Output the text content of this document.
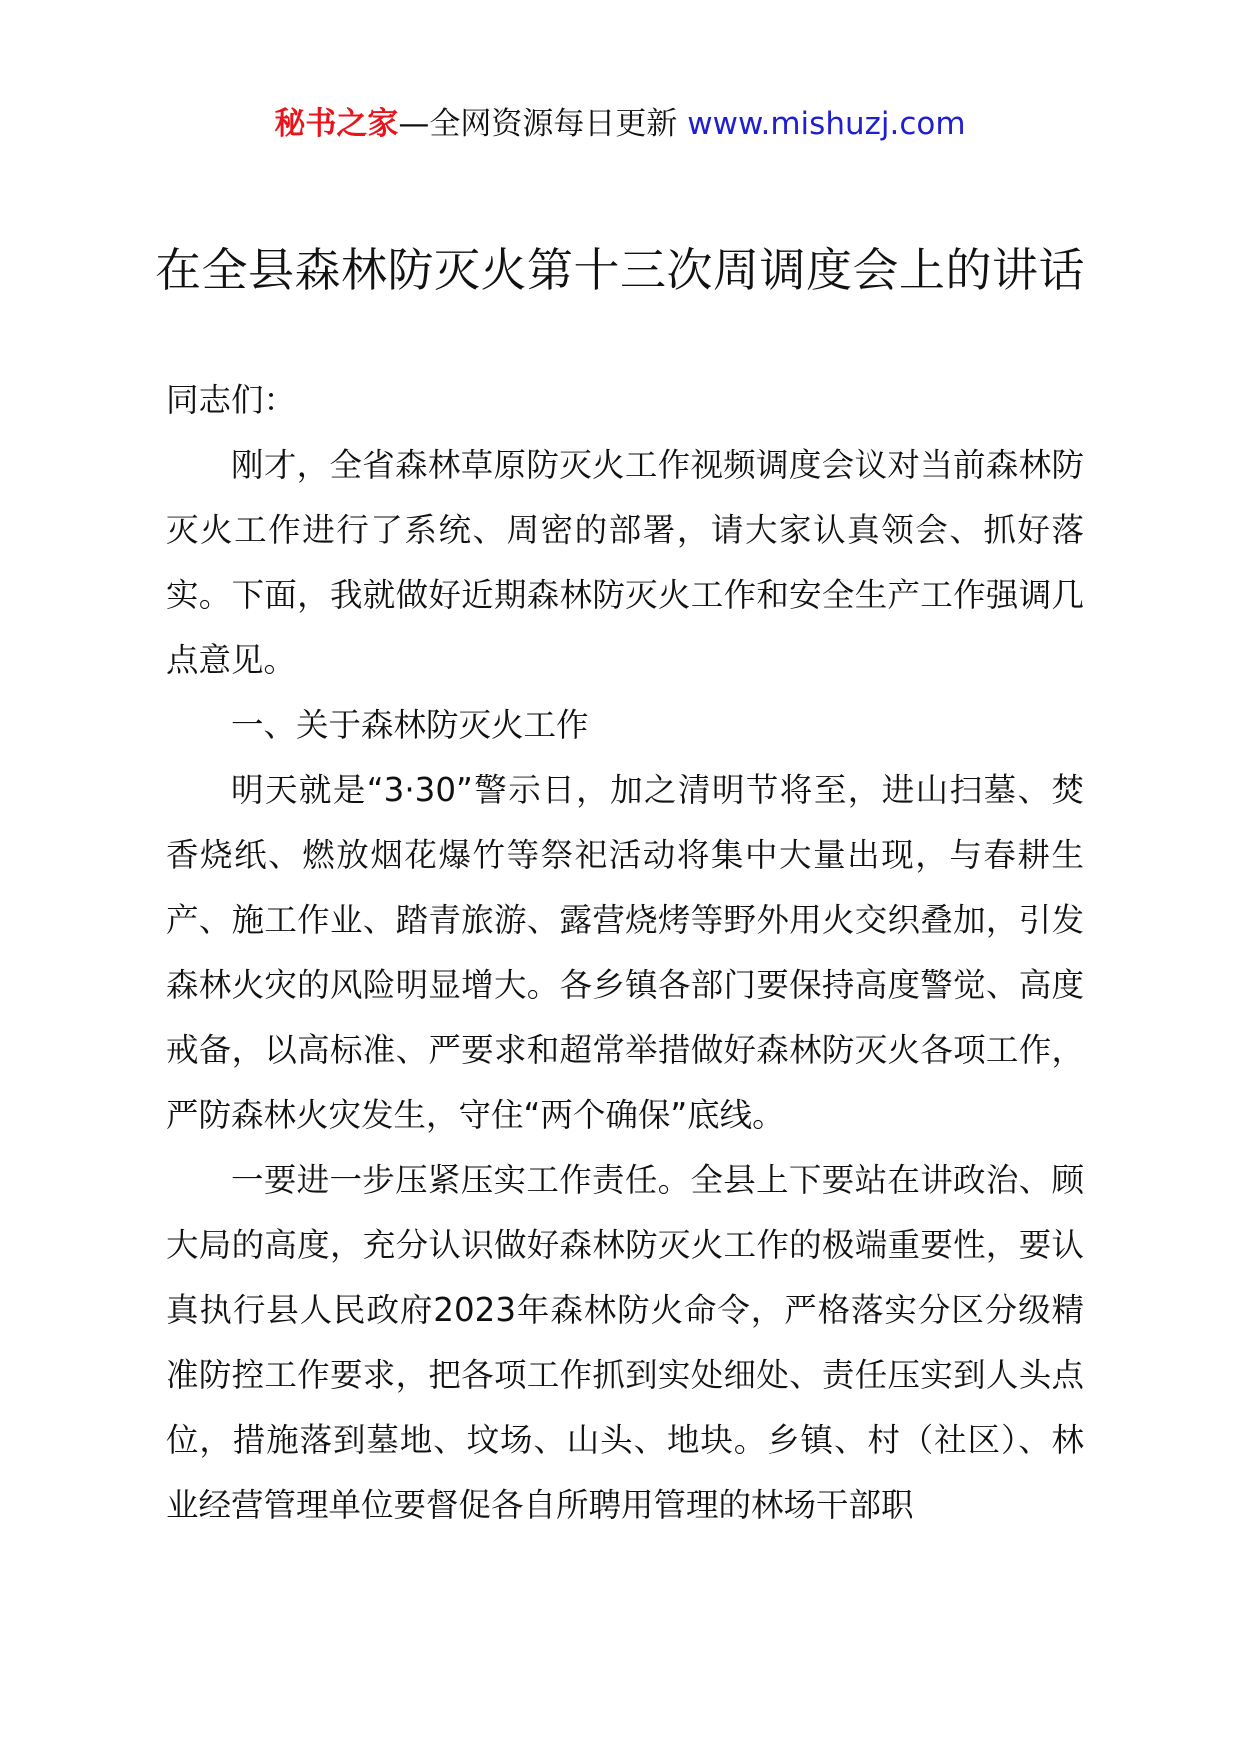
秘书之家—全网资源每日更新 www.mishuzj.com
在全县森林防灭火第十三次周调度会上的讲话

同志们：

刚才，全省森林草原防灭火工作视频调度会议对当前森林防灭火工作进行了系统、周密的部署，请大家认真领会、抓好落实。下面，我就做好近期森林防灭火工作和安全生产工作强调几点意见。

一、关于森林防灭火工作

明天就是“3·30”警示日，加之清明节将至，进山扫墓、焚香烧纸、燃放烟花爆竹等祭祀活动将集中大量出现，与春耕生产、施工作业、踏青旅游、露营烧烤等野外用火交织叠加，引发森林火灾的风险明显增大。各乡镇各部门要保持高度警觉、高度戒备，以高标准、严要求和超常举措做好森林防灭火各项工作，严防森林火灾发生，守住“两个确保”底线。

一要进一步压紧压实工作责任。全县上下要站在讲政治、顾大局的高度，充分认识做好森林防灭火工作的极端重要性，要认真执行县人民政府2023年森林防火命令，严格落实分区分级精准防控工作要求，把各项工作抓到实处细处、责任压实到人头点位，措施落到墓地、坟场、山头、地块。乡镇、村（社区）、林业经营管理单位要督促各自所聘用管理的林场干部职
